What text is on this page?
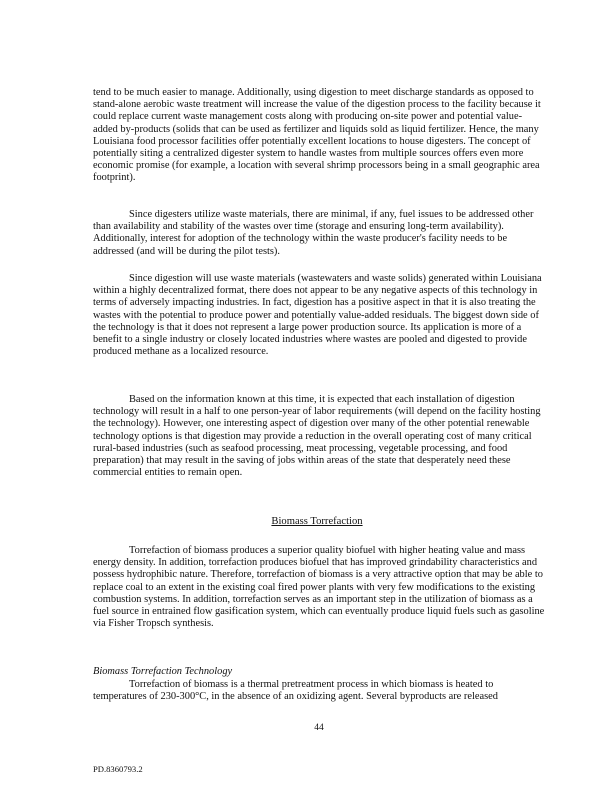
tend to be much easier to manage. Additionally, using digestion to meet discharge standards as opposed to stand-alone aerobic waste treatment will increase the value of the digestion process to the facility because it could replace current waste management costs along with producing on-site power and potential value-added by-products (solids that can be used as fertilizer and liquids sold as liquid fertilizer. Hence, the many Louisiana food processor facilities offer potentially excellent locations to house digesters. The concept of potentially siting a centralized digester system to handle wastes from multiple sources offers even more economic promise (for example, a location with several shrimp processors being in a small geographic area footprint).

Since digesters utilize waste materials, there are minimal, if any, fuel issues to be addressed other than availability and stability of the wastes over time (storage and ensuring long-term availability). Additionally, interest for adoption of the technology within the waste producer's facility needs to be addressed (and will be during the pilot tests).

Since digestion will use waste materials (wastewaters and waste solids) generated within Louisiana within a highly decentralized format, there does not appear to be any negative aspects of this technology in terms of adversely impacting industries. In fact, digestion has a positive aspect in that it is also treating the wastes with the potential to produce power and potentially value-added residuals. The biggest down side of the technology is that it does not represent a large power production source. Its application is more of a benefit to a single industry or closely located industries where wastes are pooled and digested to provide produced methane as a localized resource.

Based on the information known at this time, it is expected that each installation of digestion technology will result in a half to one person-year of labor requirements (will depend on the facility hosting the technology). However, one interesting aspect of digestion over many of the other potential renewable technology options is that digestion may provide a reduction in the overall operating cost of many critical rural-based industries (such as seafood processing, meat processing, vegetable processing, and food preparation) that may result in the saving of jobs within areas of the state that desperately need these commercial entities to remain open.

Biomass Torrefaction

Torrefaction of biomass produces a superior quality biofuel with higher heating value and mass energy density. In addition, torrefaction produces biofuel that has improved grindability characteristics and possess hydrophibic nature. Therefore, torrefaction of biomass is a very attractive option that may be able to replace coal to an extent in the existing coal fired power plants with very few modifications to the existing combustion systems. In addition, torrefaction serves as an important step in the utilization of biomass as a fuel source in entrained flow gasification system, which can eventually produce liquid fuels such as gasoline via Fisher Tropsch synthesis.

Biomass Torrefaction Technology

Torrefaction of biomass is a thermal pretreatment process in which biomass is heated to temperatures of 230-300°C, in the absence of an oxidizing agent. Several byproducts are released

44
PD.8360793.2
